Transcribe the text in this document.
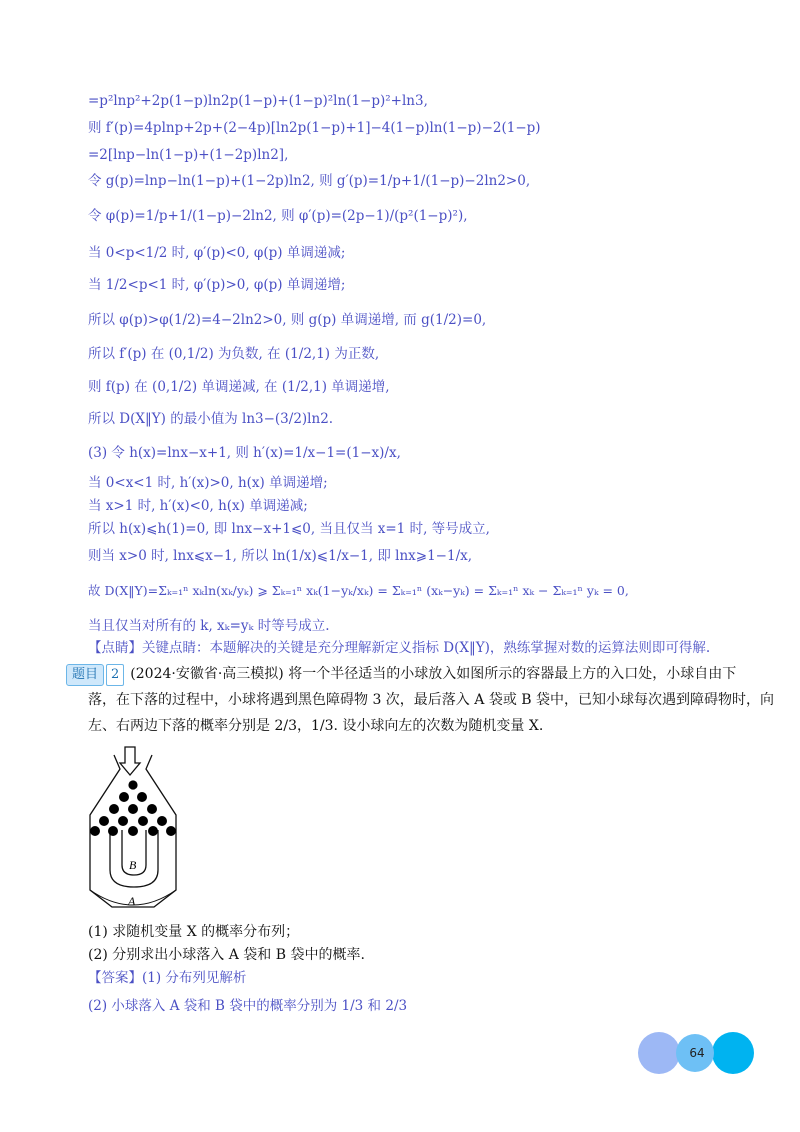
=p²lnp²+2p(1−p)ln2p(1−p)+(1−p)²ln(1−p)²+ln3,
则 f′(p)=4plnp+2p+(2−4p)[ln2p(1−p)+1]−4(1−p)ln(1−p)−2(1−p)
=2[lnp−ln(1−p)+(1−2p)ln2],
令 g(p)=lnp−ln(1−p)+(1−2p)ln2, 则 g′(p)=1/p+1/(1−p)−2ln2>0,
令 φ(p)=1/p+1/(1−p)−2ln2, 则 φ′(p)=(2p−1)/(p²(1−p)²),
当 0<p<1/2 时, φ′(p)<0, φ(p) 单调递减;
当 1/2<p<1 时, φ′(p)>0, φ(p) 单调递增;
所以 φ(p)>φ(1/2)=4−2ln2>0, 则 g(p) 单调递增, 而 g(1/2)=0,
所以 f′(p) 在 (0,1/2) 为负数, 在 (1/2,1) 为正数,
则 f(p) 在 (0,1/2) 单调递减, 在 (1/2,1) 单调递增,
所以 D(X‖Y) 的最小值为 ln3−(3/2)ln2.
(3) 令 h(x)=lnx−x+1, 则 h′(x)=1/x−1=(1−x)/x,
当 0<x<1 时, h′(x)>0, h(x) 单调递增;
当 x>1 时, h′(x)<0, h(x) 单调递减;
所以 h(x)⩽h(1)=0, 即 lnx−x+1⩽0, 当且仅当 x=1 时, 等号成立,
则当 x>0 时, lnx⩽x−1, 所以 ln(1/x)⩽1/x−1, 即 lnx⩾1−1/x,
故 D(X‖Y)=Σₖ₌₁ⁿ xₖln(xₖ/yₖ) ⩾ Σₖ₌₁ⁿ xₖ(1−yₖ/xₖ) = Σₖ₌₁ⁿ (xₖ−yₖ) = Σₖ₌₁ⁿ xₖ − Σₖ₌₁ⁿ yₖ = 0,
当且仅当对所有的 k, xₖ=yₖ 时等号成立.
【点睛】关键点睛：本题解决的关键是充分理解新定义指标 D(X‖Y)，熟练掌握对数的运算法则即可得解.
题目 2 (2024·安徽省·高三模拟) 将一个半径适当的小球放入如图所示的容器最上方的入口处，小球自由下
落，在下落的过程中，小球将遇到黑色障碍物 3 次，最后落入 A 袋或 B 袋中，已知小球每次遇到障碍物时，向
左、右两边下落的概率分别是 2/3，1/3. 设小球向左的次数为随机变量 X.
B
A
(1) 求随机变量 X 的概率分布列；
(2) 分别求出小球落入 A 袋和 B 袋中的概率.
【答案】(1) 分布列见解析
(2) 小球落入 A 袋和 B 袋中的概率分别为 1/3 和 2/3
64
